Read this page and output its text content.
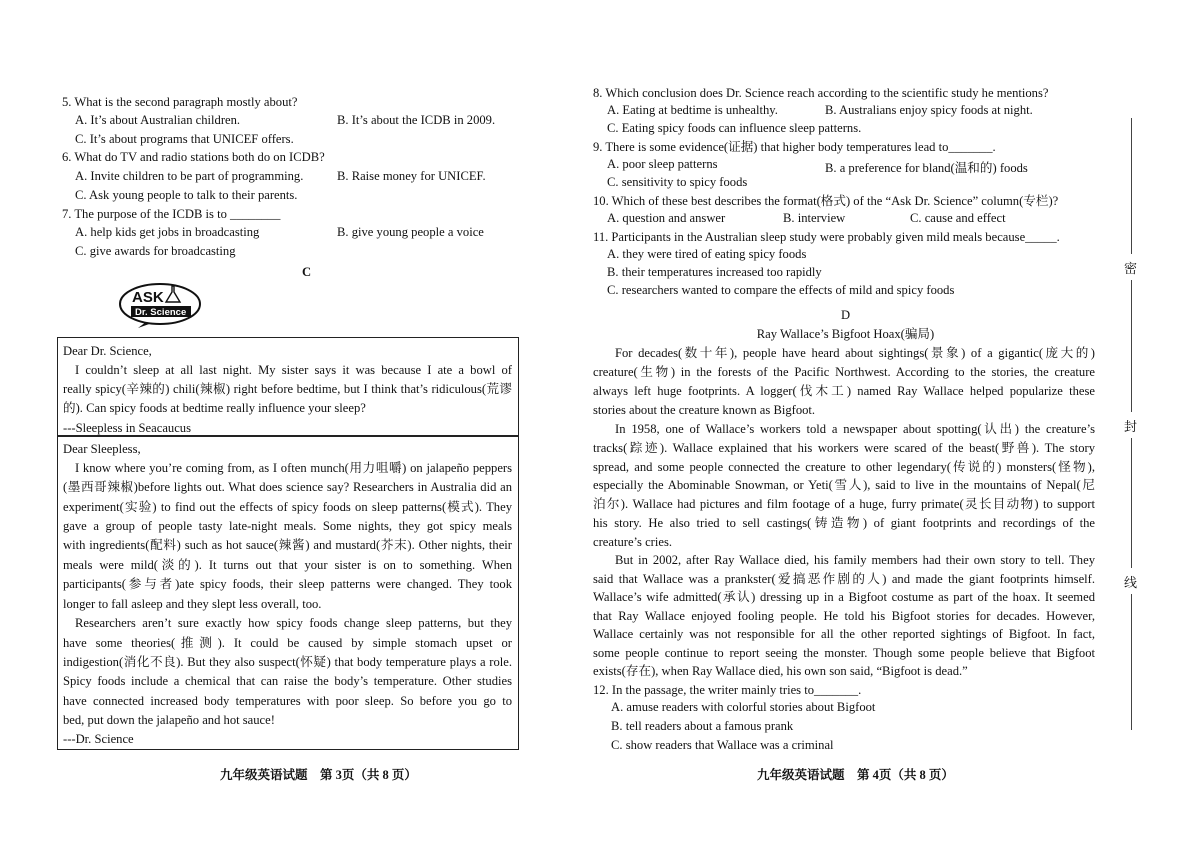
5. What is the second paragraph mostly about?
A. It’s about Australian children.	B. It’s about the ICDB in 2009.
C. It’s about programs that UNICEF offers.
6. What do TV and radio stations both do on ICDB?
A. Invite children to be part of programming.	B. Raise money for UNICEF.
C. Ask young people to talk to their parents.
7. The purpose of the ICDB is to ________
A. help kids get jobs in broadcasting	B. give young people a voice
C. give awards for broadcasting
C
ASK
Dr. Science
Dear Dr. Science,
I couldn’t sleep at all last night. My sister says it was because I ate a bowl of
really spicy(辛辣的) chili(辣椒) right before bedtime, but I think that’s ridiculous(荒谬
的). Can spicy foods at bedtime really influence your sleep?
---Sleepless in Seacaucus
Dear Sleepless,
I know where you’re coming from, as I often munch(用力咀嚼) on jalapeño peppers
(墨西哥辣椒)before lights out. What does science say? Researchers in Australia did an
experiment(实验) to find out the effects of spicy foods on sleep patterns(模式). They
gave a group of people tasty late-night meals. Some nights, they got spicy meals
with ingredients(配料) such as hot sauce(辣酱) and mustard(芥末). Other nights, their
meals were mild(淡的). It turns out that your sister is on to something. When
participants(参与者)ate spicy foods, their sleep patterns were changed. They took
longer to fall asleep and they slept less overall, too.
Researchers aren’t sure exactly how spicy foods change sleep patterns, but they
have some theories(推测). It could be caused by simple stomach upset or
indigestion(消化不良). But they also suspect(怀疑) that body temperature plays a role.
Spicy foods include a chemical that can raise the body’s temperature. Other studies
have connected increased body temperatures with poor sleep. So before you go to
bed, put down the jalapeño and hot sauce!
---Dr. Science
九年级英语试题　第 3页（共 8 页）
8. Which conclusion does Dr. Science reach according to the scientific study he mentions?
A. Eating at bedtime is unhealthy.	B. Australians enjoy spicy foods at night.
C. Eating spicy foods can influence sleep patterns.
9. There is some evidence(证据) that higher body temperatures lead to_______.
A. poor sleep patterns	B. a preference for bland(温和的) foods
C. sensitivity to spicy foods
10. Which of these best describes the format(格式) of the “Ask Dr. Science” column(专栏)?
A. question and answer	B. interview	C. cause and effect
11. Participants in the Australian sleep study were probably given mild meals because_____.
A. they were tired of eating spicy foods
B. their temperatures increased too rapidly
C. researchers wanted to compare the effects of mild and spicy foods
D
Ray Wallace’s Bigfoot Hoax(骗局)
For decades(数十年), people have heard about sightings(景象) of a gigantic(庞大的)
creature(生物) in the forests of the Pacific Northwest. According to the stories, the creature
always left huge footprints. A logger(伐木工) named Ray Wallace helped popularize these
stories about the creature known as Bigfoot.
In 1958, one of Wallace’s workers told a newspaper about spotting(认出) the creature’s
tracks(踪迹). Wallace explained that his workers were scared of the beast(野兽). The story
spread, and some people connected the creature to other legendary(传说的) monsters(怪物),
especially the Abominable Snowman, or Yeti(雪人), said to live in the mountains of Nepal(尼
泊尔). Wallace had pictures and film footage of a huge, furry primate(灵长目动物) to support
his story. He also tried to sell castings(铸造物) of giant footprints and recordings of the
creature’s cries.
But in 2002, after Ray Wallace died, his family members had their own story to tell. They
said that Wallace was a prankster(爱搞恶作剧的人) and made the giant footprints himself.
Wallace’s wife admitted(承认) dressing up in a Bigfoot costume as part of the hoax. It seemed
that Ray Wallace enjoyed fooling people. He told his Bigfoot stories for decades. However,
Wallace certainly was not responsible for all the other reported sightings of Bigfoot. In fact,
some people continue to report seeing the monster. Though some people believe that Bigfoot
exists(存在), when Ray Wallace died, his own son said, “Bigfoot is dead.”
12. In the passage, the writer mainly tries to_______.
A. amuse readers with colorful stories about Bigfoot
B. tell readers about a famous prank
C. show readers that Wallace was a criminal
九年级英语试题　第 4页（共 8 页）
密
封
线
